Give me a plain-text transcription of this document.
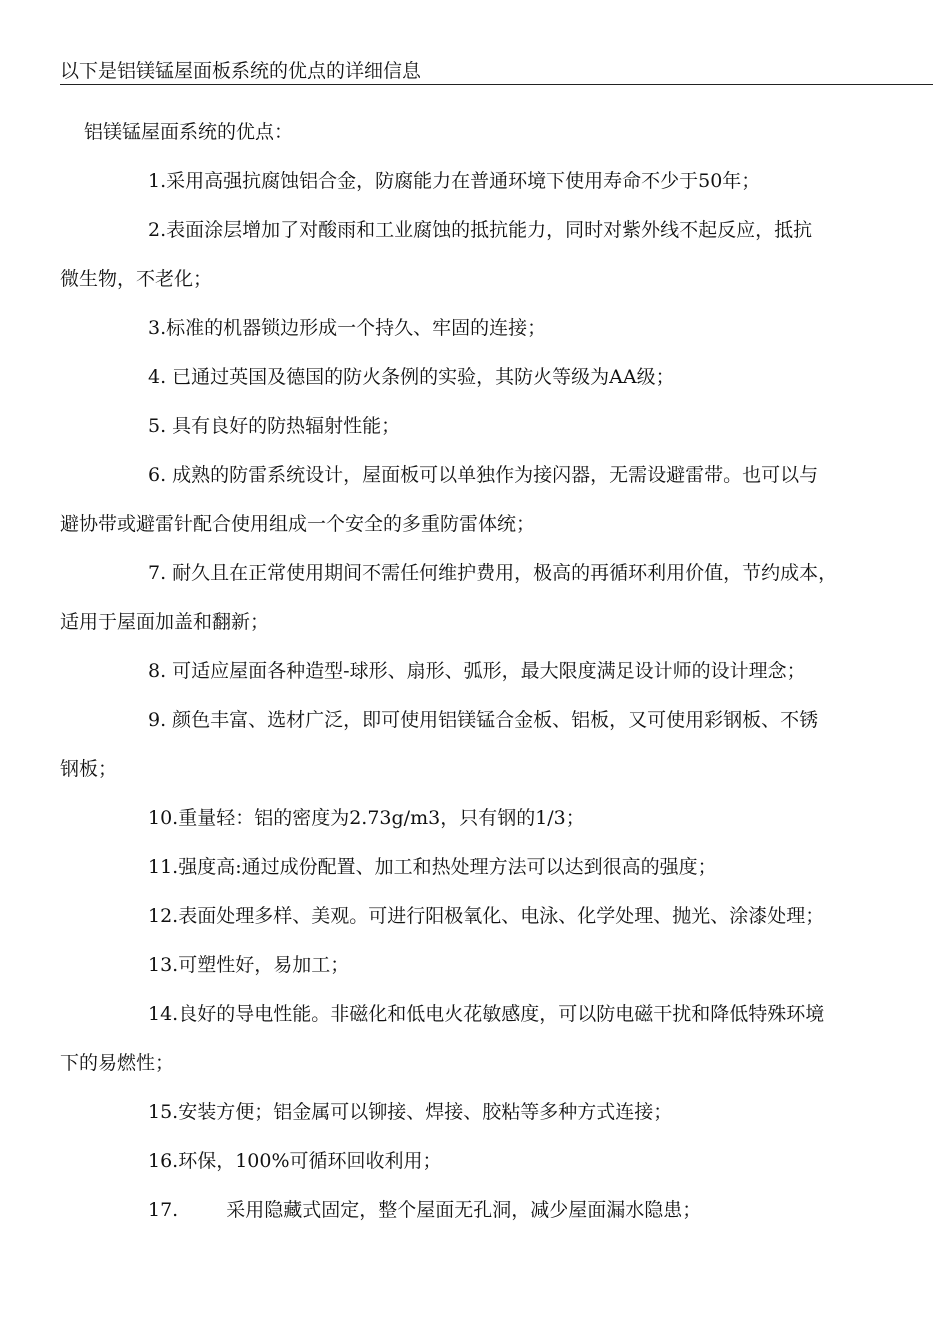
以下是铝镁锰屋面板系统的优点的详细信息
铝镁锰屋面系统的优点：
1.采用高强抗腐蚀铝合金，防腐能力在普通环境下使用寿命不少于50年；
2.表面涂层增加了对酸雨和工业腐蚀的抵抗能力，同时对紫外线不起反应，抵抗
微生物，不老化；
3.标准的机器锁边形成一个持久、牢固的连接；
4. 已通过英国及德国的防火条例的实验，其防火等级为AA级；
5. 具有良好的防热辐射性能；
6. 成熟的防雷系统设计，屋面板可以单独作为接闪器，无需设避雷带。也可以与
避协带或避雷针配合使用组成一个安全的多重防雷体统；
7. 耐久且在正常使用期间不需任何维护费用，极高的再循环利用价值，节约成本，
适用于屋面加盖和翻新；
8. 可适应屋面各种造型-球形、扇形、弧形，最大限度满足设计师的设计理念；
9. 颜色丰富、选材广泛，即可使用铝镁锰合金板、铝板，又可使用彩钢板、不锈
钢板；
10.重量轻：铝的密度为2.73g/m3，只有钢的1/3；
11.强度高:通过成份配置、加工和热处理方法可以达到很高的强度；
12.表面处理多样、美观。可进行阳极氧化、电泳、化学处理、抛光、涂漆处理；
13.可塑性好，易加工；
14.良好的导电性能。非磁化和低电火花敏感度，可以防电磁干扰和降低特殊环境
下的易燃性；
15.安装方便；铝金属可以铆接、焊接、胶粘等多种方式连接；
16.环保，100%可循环回收利用；
17.	采用隐藏式固定，整个屋面无孔洞，减少屋面漏水隐患；
